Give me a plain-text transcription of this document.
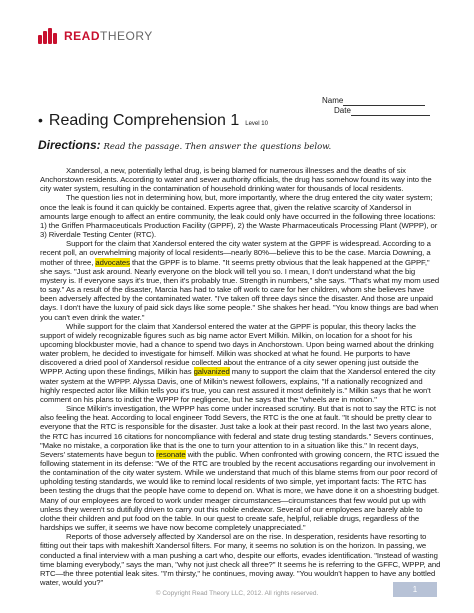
READTHEORY
Name
Date
• Reading Comprehension 1 Level 10
Directions: Read the passage. Then answer the questions below.

Xandersol, a new, potentially lethal drug, is being blamed for numerous illnesses and the deaths of six Anchorstown residents. According to water and sewer authority officials, the drug has somehow found its way into the city water system, resulting in the contamination of household drinking water for thousands of local residents.

The question lies not in determining how, but, more importantly, where the drug entered the city water system; once the leak is found it can quickly be contained. Experts agree that, given the relative scarcity of Xandersol in amounts large enough to affect an entire community, the leak could only have occurred in the following three locations: 1) the Griffen Pharmaceuticals Production Facility (GPPF), 2) the Waste Pharmaceuticals Processing Plant (WPPP), or 3) Riverdale Testing Center (RTC).

Support for the claim that Xandersol entered the city water system at the GPPF is widespread. According to a recent poll, an overwhelming majority of local residents—nearly 80%—believe this to be the case. Marcia Downing, a mother of three, advocates that the GPPF is to blame. "It seems pretty obvious that the leak happened at the GPPF," she says. "Just ask around. Nearly everyone on the block will tell you so. I mean, I don't understand what the big mystery is. If everyone says it's true, then it's probably true. Strength in numbers," she says. "That's what my mom used to say." As a result of the disaster, Marcia has had to take off work to care for her children, whom she believes have been adversely affected by the contaminated water. "I've taken off three days since the disaster. And those are unpaid days. I don't have the luxury of paid sick days like some people." She shakes her head. "You know things are bad when you can't even drink the water."

While support for the claim that Xandersol entered the water at the GPPF is popular, this theory lacks the support of widely recognizable figures such as big name actor Evert Milkin. Milkin, on location for a shoot for his upcoming blockbuster movie, had a chance to spend two days in Anchorstown. Upon being warned about the drinking water problem, he decided to investigate for himself. Milkin was shocked at what he found. He purports to have discovered a dried pool of Xandersol residue collected about the entrance of a city sewer opening just outside the WPPP. Acting upon these findings, Milkin has galvanized many to support the claim that the Xandersol entered the city water system at the WPPP. Alyssa Davis, one of Milkin's newest followers, explains, "If a nationally recognized and highly respected actor like Milkin tells you it's true, you can rest assured it most definitely is." Milkin says that he won't comment on his plans to indict the WPPP for negligence, but he says that the "wheels are in motion."

Since Milkin's investigation, the WPPP has come under increased scrutiny. But that is not to say the RTC is not also feeling the heat. According to local engineer Todd Severs, the RTC is the one at fault. "It should be pretty clear to everyone that the RTC is responsible for the disaster. Just take a look at their past record. In the last two years alone, the RTC has incurred 16 citations for noncompliance with federal and state drug testing standards." Severs continues, "Make no mistake, a corporation like that is the one to turn your attention to in a situation like this." In recent days, Severs' statements have begun to resonate with the public. When confronted with growing concern, the RTC issued the following statement in its defense: "We of the RTC are troubled by the recent accusations regarding our involvement in the contamination of the city water system. While we understand that much of this blame stems from our poor record of upholding testing standards, we would like to remind local residents of two simple, yet important facts: The RTC has been testing the drugs that the people have come to depend on. What is more, we have done it on a shoestring budget. Many of our employees are forced to work under meager circumstances—circumstances that few would put up with unless they weren't so dutifully driven to carry out this noble endeavor. Several of our employees are barely able to clothe their children and put food on the table. In our quest to create safe, helpful, reliable drugs, regardless of the hardships we suffer, it seems we have now become completely unappreciated."

Reports of those adversely affected by Xandersol are on the rise. In desperation, residents have resorting to fitting out their taps with makeshift Xandersol filters. For many, it seems no solution is on the horizon. In passing, we conducted a final interview with a man pushing a cart who, despite our efforts, evades identification. "Instead of wasting time blaming everybody," says the man, "why not just check all three?" It seems he is referring to the GFFC, WPPP, and RTC—the three potential leak sites. "I'm thirsty," he continues, moving away. "You wouldn't happen to have any bottled water, would you?"

© Copyright Read Theory LLC, 2012. All rights reserved.	1
